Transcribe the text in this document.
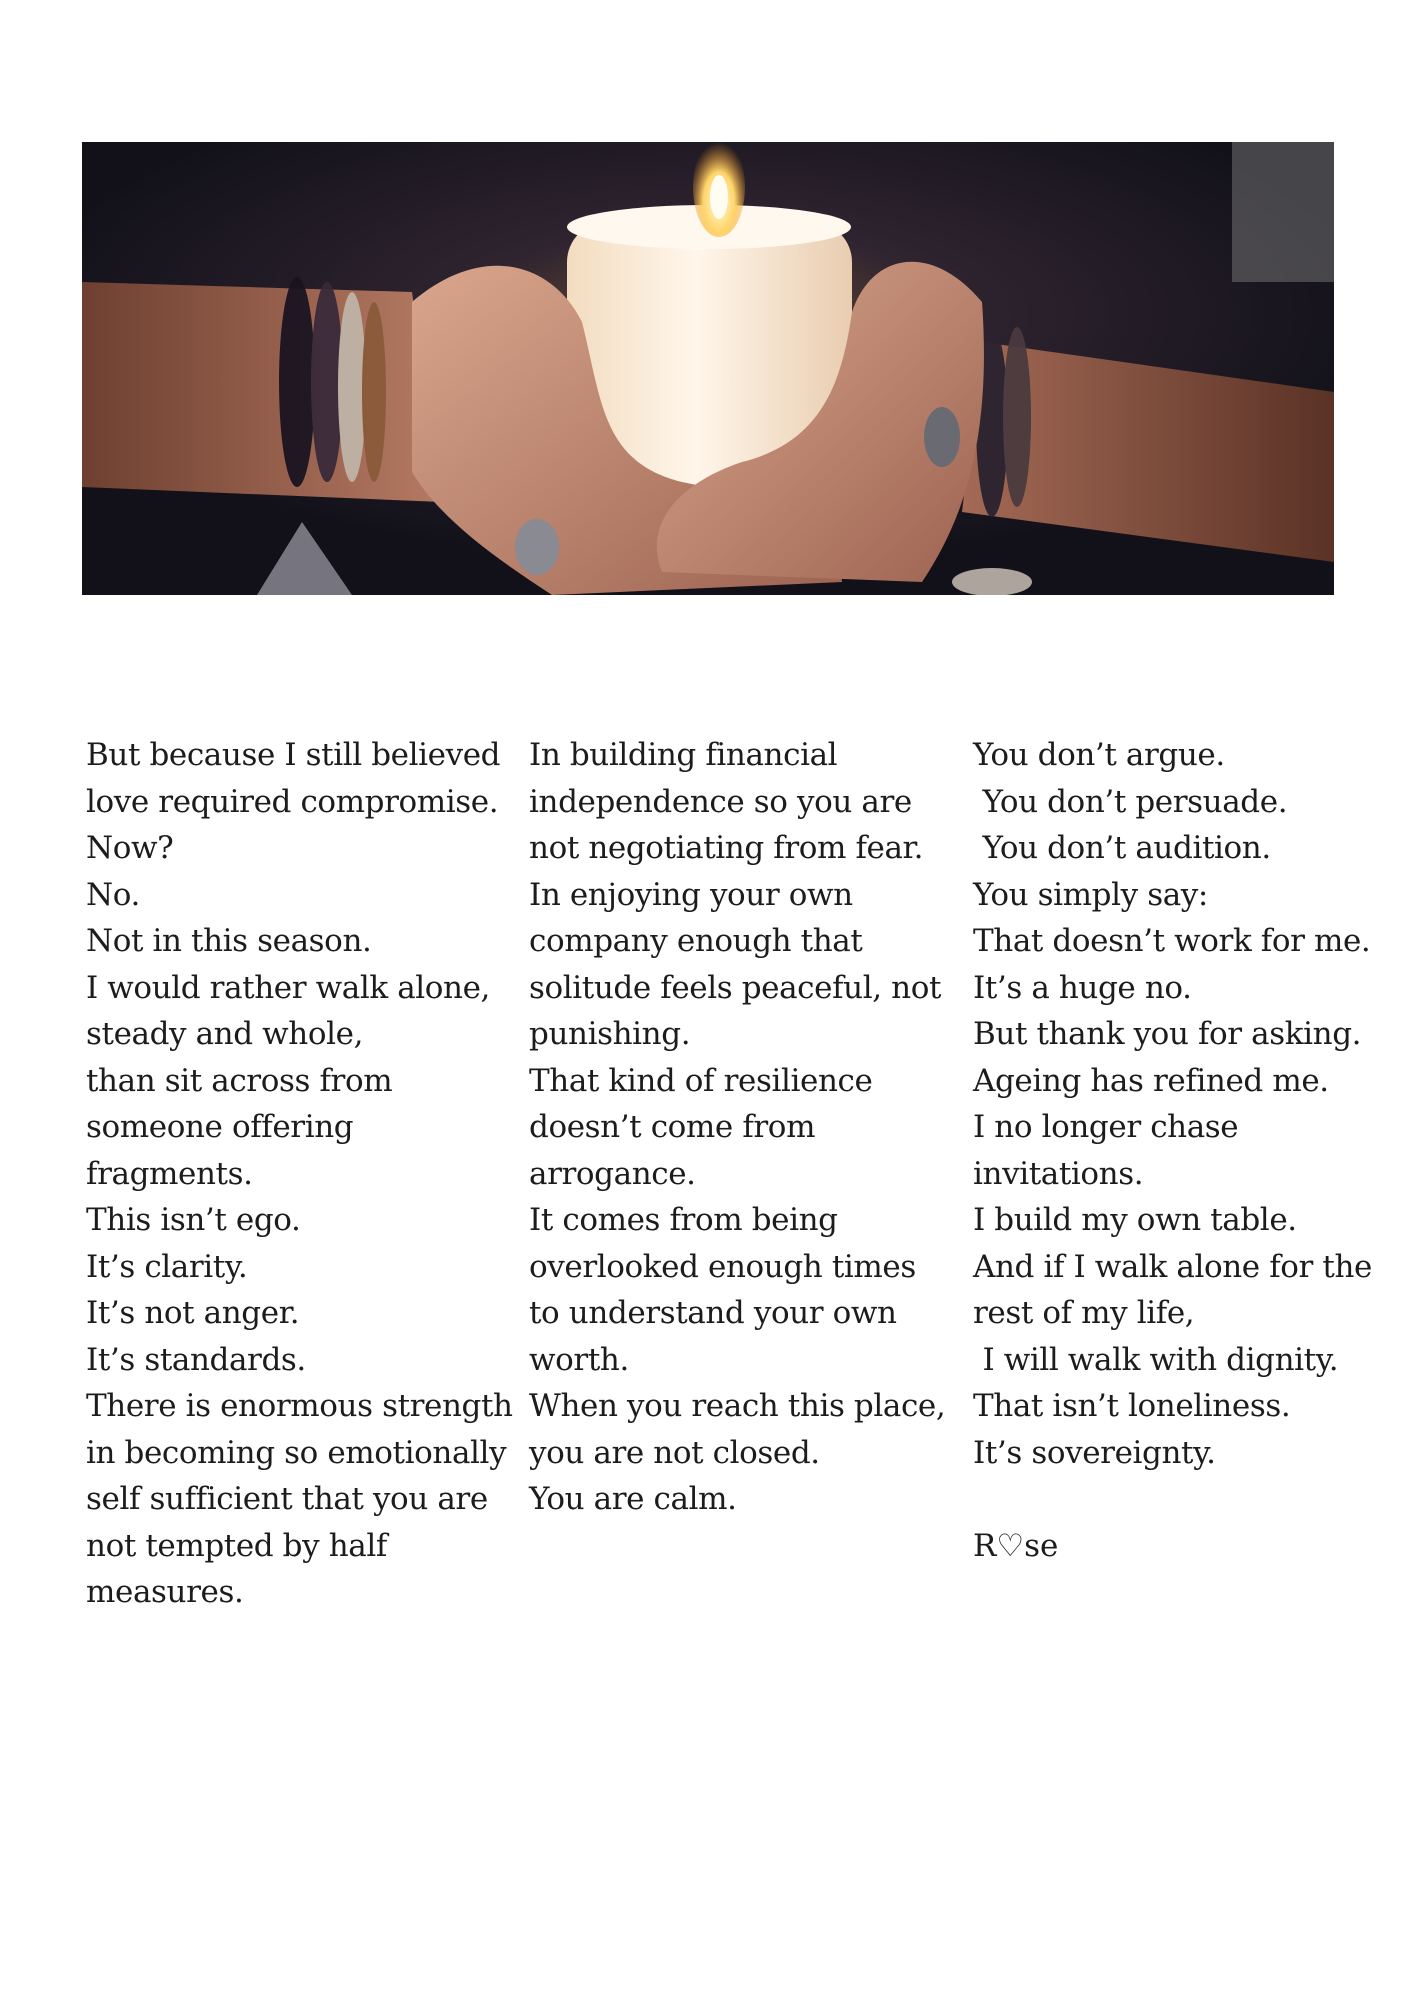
But because I still believed
love required compromise.
Now?
No.
Not in this season.
I would rather walk alone,
steady and whole,
than sit across from
someone offering
fragments.
This isn’t ego.
It’s clarity.
It’s not anger.
It’s standards.
There is enormous strength
in becoming so emotionally
self sufficient that you are
not tempted by half
measures.
In building financial
independence so you are
not negotiating from fear.
In enjoying your own
company enough that
solitude feels peaceful, not
punishing.
That kind of resilience
doesn’t come from
arrogance.
It comes from being
overlooked enough times
to understand your own
worth.
When you reach this place,
you are not closed.
You are calm.
You don’t argue.
You don’t persuade.
You don’t audition.
You simply say:
That doesn’t work for me.
It’s a huge no.
But thank you for asking.
Ageing has refined me.
I no longer chase
invitations.
I build my own table.
And if I walk alone for the
rest of my life,
I will walk with dignity.
That isn’t loneliness.
It’s sovereignty.
R♡se
